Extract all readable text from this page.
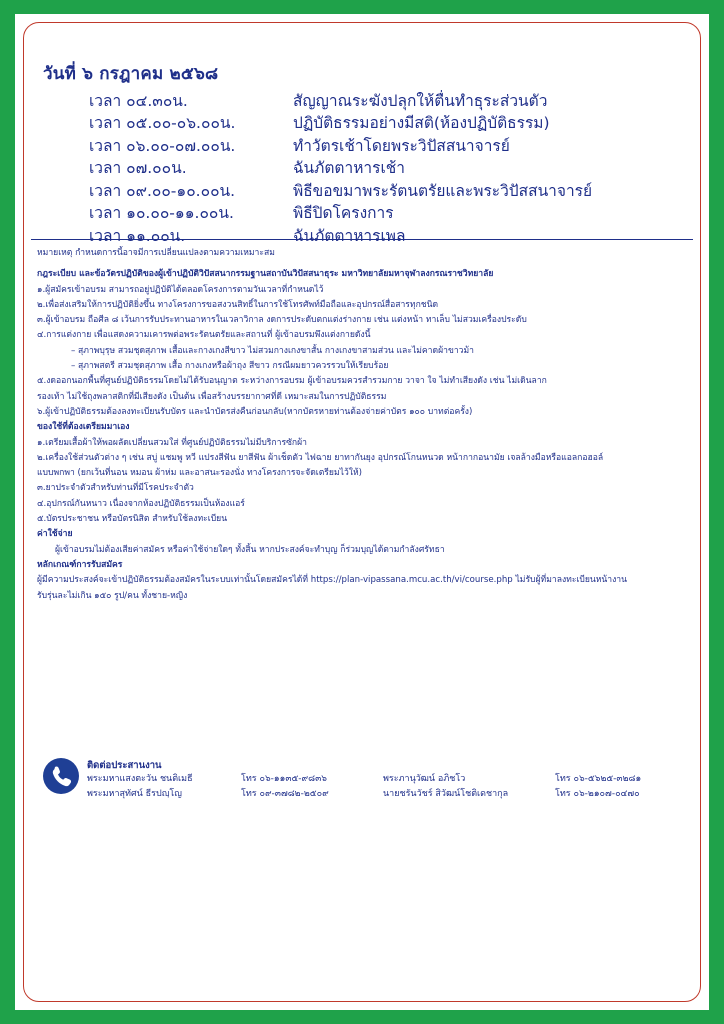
วันที่ ๖ กรฎาคม ๒๕๖๘
เวลา ๐๔.๓๐น.	สัญญาณระฆังปลุกให้ตื่นทำธุระส่วนตัว
เวลา ๐๕.๐๐-๐๖.๐๐น.	ปฏิบัติธรรมอย่างมีสติ(ห้องปฏิบัติธรรม)
เวลา ๐๖.๐๐-๐๗.๐๐น.	ทำวัตรเช้าโดยพระวิปัสสนาจารย์
เวลา ๐๗.๐๐น.	ฉันภัตตาหารเช้า
เวลา ๐๙.๐๐-๑๐.๐๐น.	พิธีขอขมาพระรัตนตรัยและพระวิปัสสนาจารย์
เวลา ๑๐.๐๐-๑๑.๐๐น.	พิธีปิดโครงการ
เวลา ๑๑.๐๐น.	ฉันภัตตาหารเพล

หมายเหตุ กำหนดการนี้อาจมีการเปลี่ยนแปลงตามความเหมาะสม

กฎระเบียบ และข้อวัตรปฏิบัติของผู้เข้าปฏิบัติวิปัสสนากรรมฐานสถาบันวิปัสสนาธุระ มหาวิทยาลัยมหาจุฬาลงกรณราชวิทยาลัย

๑.ผู้สมัครเข้าอบรม สามารถอยู่ปฏิบัติได้ตลอดโครงการตามวันเวลาที่กำหนดไว้

๒.เพื่อส่งเสริมให้การปฏิบัติยิ่งขึ้น ทางโครงการขอสงวนสิทธิ์ในการใช้โทรศัพท์มือถือและอุปกรณ์สื่อสารทุกชนิด

๓.ผู้เข้าอบรม ถือศีล ๘ เว้นการรับประทานอาหารในเวลาวิกาล งดการประดับตกแต่งร่างกาย เช่น แต่งหน้า ทาเล็บ ไม่สวมเครื่องประดับ

๔.การแต่งกาย เพื่อแสดงความเคารพต่อพระรัตนตรัยและสถานที่ ผู้เข้าอบรมพึงแต่งกายดังนี้

– สุภาพบุรุษ สวมชุดสุภาพ เสื้อและกางเกงสีขาว ไม่สวมกางเกงขาสั้น กางเกงขาสามส่วน และไม่คาดผ้าขาวม้า

– สุภาพสตรี สวมชุดสุภาพ เสื้อ กางเกงหรือผ้าถุง สีขาว กรณีผมยาวควรรวบให้เรียบร้อย

๕.งดออกนอกพื้นที่ศูนย์ปฏิบัติธรรมโดยไม่ได้รับอนุญาต ระหว่างการอบรม ผู้เข้าอบรมควรสำรวมกาย วาจา ใจ ไม่ทำเสียงดัง เช่น ไม่เดินลาก

รองเท้า ไม่ใช้ถุงพลาสติกที่มีเสียงดัง เป็นต้น เพื่อสร้างบรรยากาศที่ดี เหมาะสมในการปฏิบัติธรรม

๖.ผู้เข้าปฏิบัติธรรมต้องลงทะเบียนรับบัตร และนำบัตรส่งคืนก่อนกลับ(หากบัตรหายท่านต้องจ่ายค่าบัตร ๑๐๐ บาทต่อครั้ง)

ของใช้ที่ต้องเตรียมมาเอง

๑.เตรียมเสื้อผ้าให้พอผลัดเปลี่ยนสวมใส่ ที่ศูนย์ปฏิบัติธรรมไม่มีบริการซักผ้า

๒.เครื่องใช้ส่วนตัวต่าง ๆ เช่น สบู่ แชมพู หวี แปรงสีฟัน ยาสีฟัน ผ้าเช็ดตัว ไฟฉาย ยาทากันยุง อุปกรณ์โกนหนวด หน้ากากอนามัย เจลล้างมือหรือแอลกอฮอล์

แบบพกพา (ยกเว้นที่นอน หมอน ผ้าห่ม และอาสนะรองนั่ง ทางโครงการจะจัดเตรียมไว้ให้)

๓.ยาประจำตัวสำหรับท่านที่มีโรคประจำตัว

๔.อุปกรณ์กันหนาว เนื่องจากห้องปฏิบัติธรรมเป็นห้องแอร์

๕.บัตรประชาชน หรือบัตรนิสิต สำหรับใช้ลงทะเบียน

ค่าใช้จ่าย

ผู้เข้าอบรมไม่ต้องเสียค่าสมัคร หรือค่าใช้จ่ายใดๆ ทั้งสิ้น หากประสงค์จะทำบุญ ก็ร่วมบุญได้ตามกำลังศรัทธา

หลักเกณฑ์การรับสมัคร

ผู้มีความประสงค์จะเข้าปฏิบัติธรรมต้องสมัครในระบบเท่านั้นโดยสมัครได้ที่ https://plan-vipassana.mcu.ac.th/vi/course.php ไม่รับผู้ที่มาลงทะเบียนหน้างาน

รับรุ่นละไม่เกิน ๑๕๐ รูป/คน ทั้งชาย-หญิง

ติดต่อประสานงาน
พระมหาแสงตะวัน ชนติเมธี	โทร ๐๖-๑๑๓๕-๙๘๓๖	พระภานุวัฒน์ อภิชโว	โทร ๐๖-๕๖๒๕-๓๒๘๑
พระมหาสุทัศน์ ธีรปญฺโญ	โทร ๐๙-๓๗๘๒-๒๕๐๙	นายชรันวัชร์ สิวัฒน์โชติเดชากุล	โทร ๐๖-๒๑๐๗-๐๔๗๐
